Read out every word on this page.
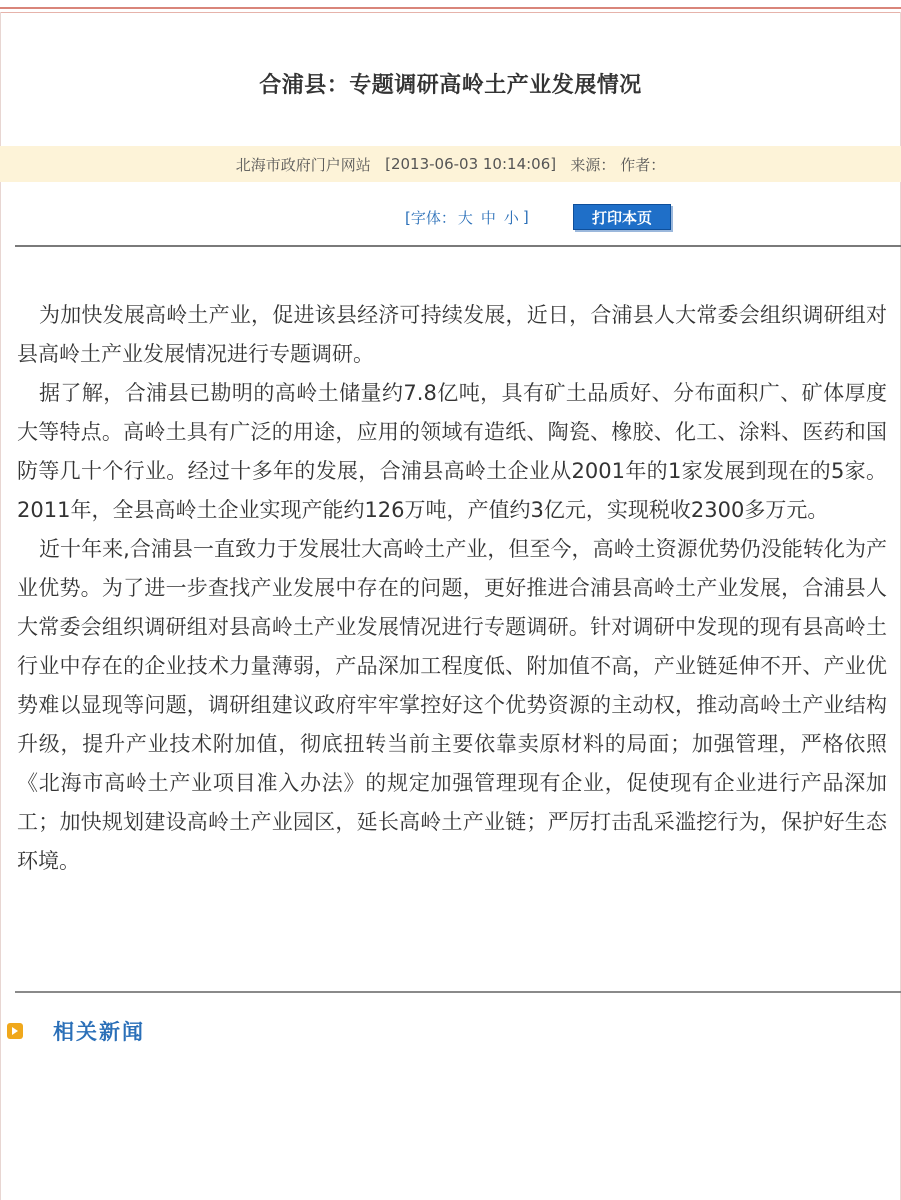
合浦县：专题调研高岭土产业发展情况
北海市政府门户网站
[2013-06-03 10:14:06]
来源：
作者：
[字体： 大 中 小 ]	打印本页

为加快发展高岭土产业，促进该县经济可持续发展，近日，合浦县人大常委会组织调研组对县高岭土产业发展情况进行专题调研。

据了解，合浦县已勘明的高岭土储量约7.8亿吨，具有矿土品质好、分布面积广、矿体厚度大等特点。高岭土具有广泛的用途，应用的领域有造纸、陶瓷、橡胶、化工、涂料、医药和国防等几十个行业。经过十多年的发展，合浦县高岭土企业从2001年的1家发展到现在的5家。2011年，全县高岭土企业实现产能约126万吨，产值约3亿元，实现税收2300多万元。

近十年来,合浦县一直致力于发展壮大高岭土产业，但至今，高岭土资源优势仍没能转化为产业优势。为了进一步查找产业发展中存在的问题，更好推进合浦县高岭土产业发展，合浦县人大常委会组织调研组对县高岭土产业发展情况进行专题调研。针对调研中发现的现有县高岭土行业中存在的企业技术力量薄弱，产品深加工程度低、附加值不高，产业链延伸不开、产业优势难以显现等问题，调研组建议政府牢牢掌控好这个优势资源的主动权，推动高岭土产业结构升级，提升产业技术附加值，彻底扭转当前主要依靠卖原材料的局面；加强管理，严格依照《北海市高岭土产业项目准入办法》的规定加强管理现有企业，促使现有企业进行产品深加工；加快规划建设高岭土产业园区，延长高岭土产业链；严厉打击乱采滥挖行为，保护好生态环境。

相关新闻
